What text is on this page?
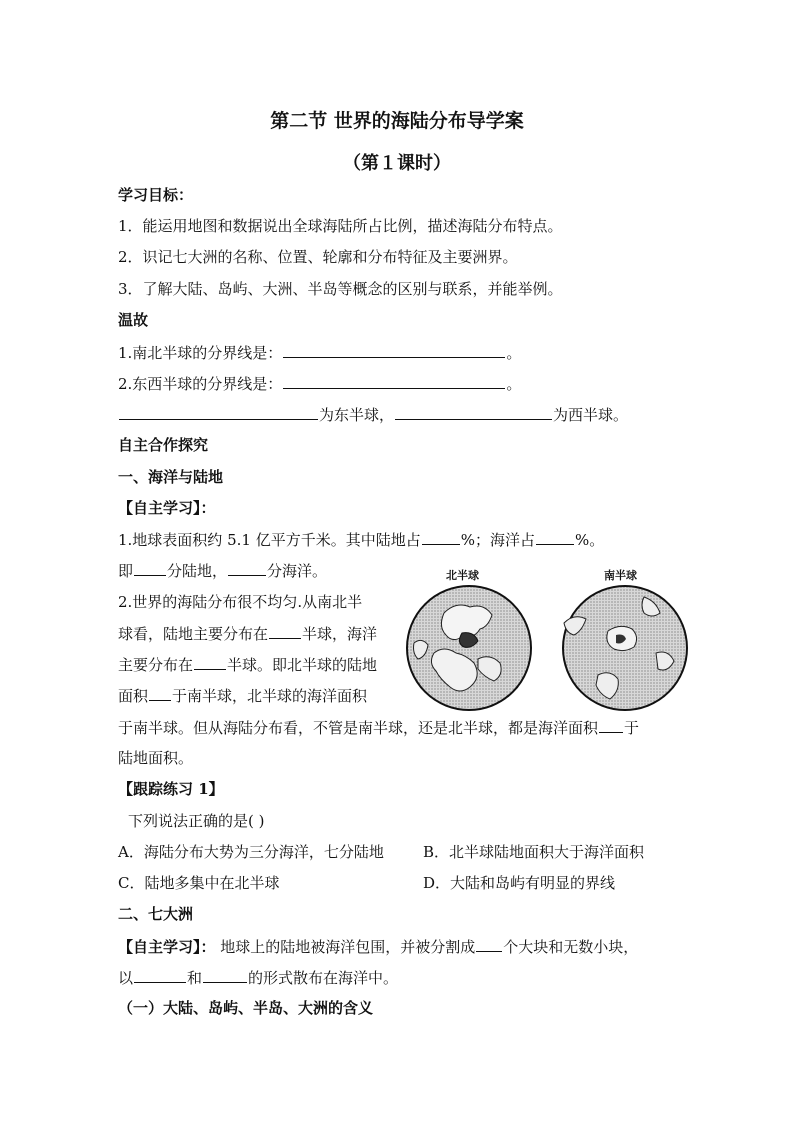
第二节 世界的海陆分布导学案
（第１课时）
学习目标：
1．能运用地图和数据说出全球海陆所占比例，描述海陆分布特点。
2．识记七大洲的名称、位置、轮廓和分布特征及主要洲界。
3．了解大陆、岛屿、大洲、半岛等概念的区别与联系，并能举例。
温故
1.南北半球的分界线是：	。
2.东西半球的分界线是：	。
为东半球，	为西半球。
自主合作探究
一、海洋与陆地
【自主学习】：
1.地球表面积约 5.1 亿平方千米。其中陆地占	%；海洋占	%。
即 分陆地，	分海洋。
2.世界的海陆分布很不均匀.从南北半
球看，陆地主要分布在 半球，海洋
主要分布在 半球。即北半球的陆地
面积 于南半球，北半球的海洋面积
于南半球。但从海陆分布看，不管是南半球，还是北半球，都是海洋面积 于
陆地面积。
北半球	南半球
【跟踪练习 1】
下列说法正确的是( )
A．海陆分布大势为三分海洋，七分陆地	B．北半球陆地面积大于海洋面积
C．陆地多集中在北半球	D．大陆和岛屿有明显的界线
二、七大洲
【自主学习】： 地球上的陆地被海洋包围，并被分割成 个大块和无数小块，
以	和	的形式散布在海洋中。
（一）大陆、岛屿、半岛、大洲的含义
